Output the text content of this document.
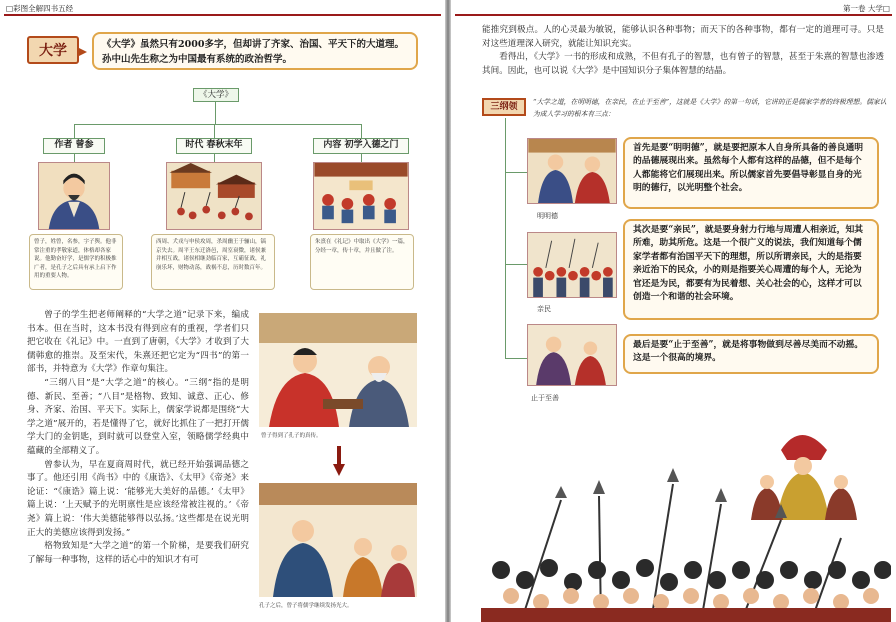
□彩图全解四书五经
大学	《大学》虽然只有2000多字，但却讲了齐家、治国、平天下的大道理。孙中山先生称之为中国最有系统的政治哲学。
《大学》
作者 曾参	时代 春秋末年	内容 初学入德之门
曾子，姓曾，名参，字子舆。他非常注重的孝敬家道，体格却各家说。他勤奋好学，是儒学的积极推广者，是孔子之后具有承上启下作用的重要人物。
西周、犬戎与申侯攻周，杀周幽王于骊山，镐京失去。周平王东迁洛邑，周室衰微，诸侯兼并相互战，诸侯相继劲临百家，互霸征战，礼崩乐坏，财物动荡，战祸不息，历时数百年。
朱熹在《礼记》中取出《大学》一篇，分经一章，传十章，并且做了注。

曾子的学生把老师阐释的“大学之道”记录下来，编成书本。但在当时，这本书没有得到应有的重视，学者们只把它收在《礼记》中。一直到了唐朝，《大学》才收到了大儒韩愈的推崇。及至宋代，朱熹还把它定为“四书”的第一部书，并特意为《大学》作章句集注。

“三纲八目”是“大学之道”的核心。“三纲”指的是明德、新民、至善；“八目”是格物、致知、诚意、正心、修身、齐家、治国、平天下。实际上，儒家学说都是围绕“大学之道”展开的，若是懂得了它，就好比抓住了一把打开儒学大门的金钥匙，到时就可以登堂入室，领略儒学经典中蕴藏的全部精义了。

曾参认为，早在夏商周时代，就已经开始强调品德之事了。他还引用《尚书》中的《康诰》、《太甲》《帝尧》来论证：“《康诰》篇上说：‘能够光大美好的品德。’《太甲》篇上说：‘上天赋予的光明禀性是应该经常被注视的。’《帝尧》篇上说：‘伟大美德能够得以弘扬。’这些都是在说光明正大的美德应该得到发扬。”

格物致知是“大学之道”的第一个阶梯，是要我们研究了解每一种事物，这样的话心中的知识才有可

曾子得到了孔子的真传。
孔子之后，曾子将儒学继续发扬光大。
第一卷 大学□

能推究到极点。人的心灵最为敏锐，能够认识各种事物；而天下的各种事物，都有一定的道理可寻。只是对这些道理深入研究，就能让知识充实。

看得出，《大学》一书的形成和成熟，不但有孔子的智慧，也有曾子的智慧，甚至于朱熹的智慧也渗透其间。因此，也可以说《大学》是中国知识分子集体智慧的结晶。

三纲领	“大学之道，在明明德，在亲民，在止于至善”，这就是《大学》的第一句话，它讲的正是儒家学者的终极理想。儒家认为成人学习的根本有三点：
明明德
亲民
止于至善
首先是要“明明德”，就是要把原本人自身所具备的善良通明的品德展现出来。虽然每个人都有这样的品德，但不是每个人都能将它们展现出来。所以儒家首先要倡导彰显自身的光明的德行，以光明整个社会。
其次是要“亲民”，就是要身射力行地与周遭人相亲近，知其所难，助其所危。这是一个很广义的说法，我们知道每个儒家学者都有治国平天下的理想，所以所谓亲民，大的是指要亲近治下的民众，小的则是指要关心周遭的每个人，无论为官还是为民，都要有为民着想、关心社会的心，这样才可以创造一个和谐的社会环境。
最后是要“止于至善”，就是将事物做到尽善尽美而不动摇。这是一个很高的境界。
